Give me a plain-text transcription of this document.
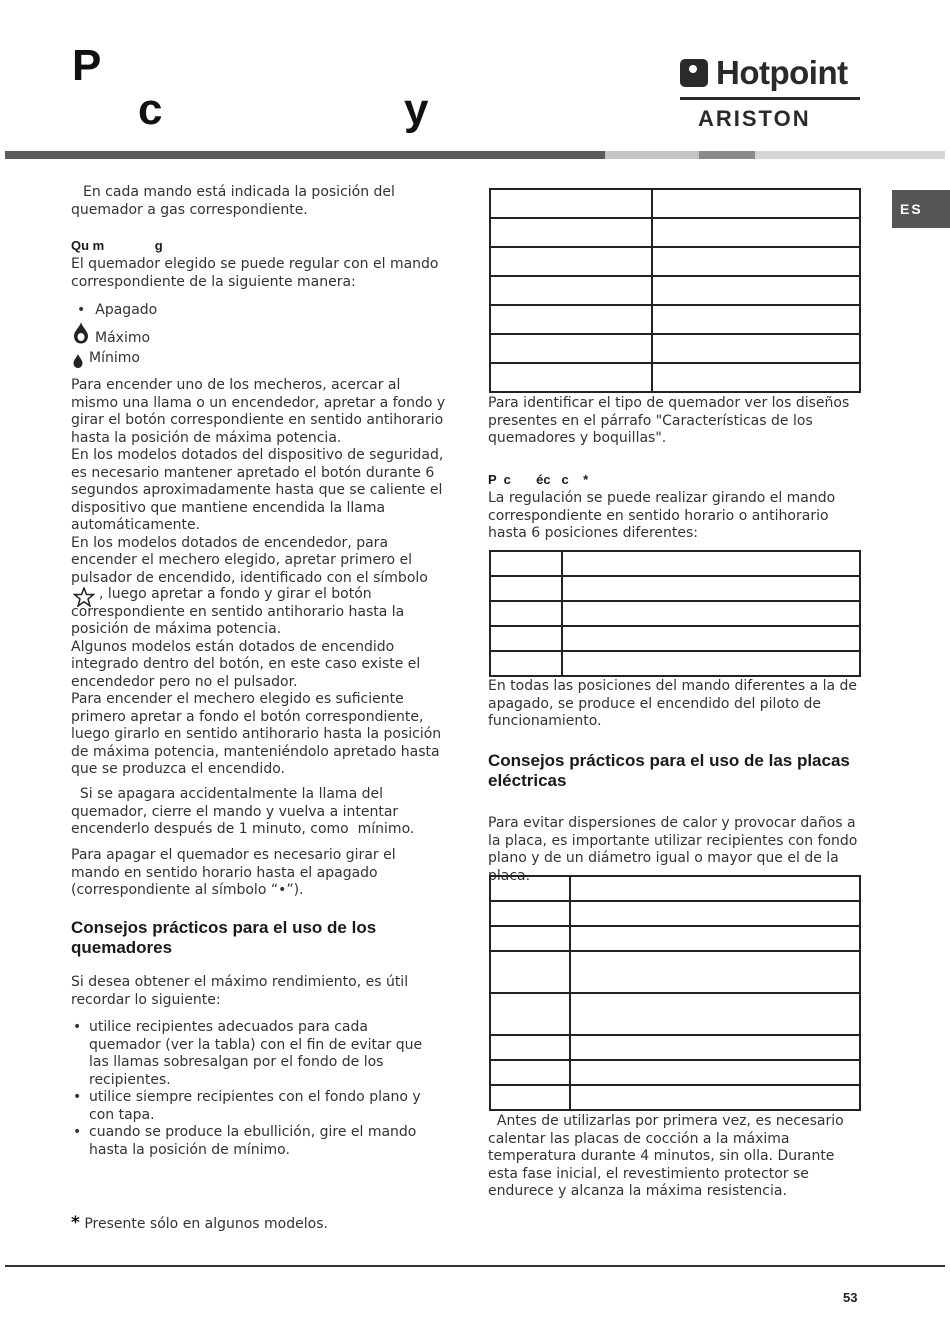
P
c	y
Hotpoint
ARISTON
ES
En cada mando está indicada la posición del quemador a gas correspondiente.
Qu m              g
El quemador elegido se puede regular con el mando correspondiente de la siguiente manera:
• Apagado
Máximo
Mínimo
Para encender uno de los mecheros, acercar al mismo una llama o un encendedor, apretar a fondo y girar el botón correspondiente en sentido antihorario hasta la posición de máxima potencia.
En los modelos dotados del dispositivo de seguridad, es necesario mantener apretado el botón durante 6 segundos aproximadamente hasta que se caliente el dispositivo que mantiene encendida la llama automáticamente.
En los modelos dotados de encendedor, para encender el mechero elegido, apretar primero el pulsador de encendido, identificado con el símbolo
, luego apretar a fondo y girar el botón correspondiente en sentido antihorario hasta la posición de máxima potencia.
Algunos modelos están dotados de encendido integrado dentro del botón, en este caso existe el encendedor pero no el pulsador.
Para encender el mechero elegido es suficiente primero apretar a fondo el botón correspondiente, luego girarlo en sentido antihorario hasta la posición de máxima potencia, manteniéndolo apretado hasta que se produzca el encendido.
Si se apagara accidentalmente la llama del quemador, cierre el mando y vuelva a intentar encenderlo después de 1 minuto, como  mínimo.
Para apagar el quemador es necesario girar el mando en sentido horario hasta el apagado (correspondiente al símbolo “•”).
Consejos prácticos para el uso de los quemadores
Si desea obtener el máximo rendimiento, es útil recordar lo siguiente:
• utilice recipientes adecuados para cada quemador (ver la tabla) con el fin de evitar que las llamas sobresalgan por el fondo de los recipientes.
• utilice siempre recipientes con el fondo plano y con tapa.
• cuando se produce la ebullición, gire el mando hasta la posición de mínimo.
* Presente sólo en algunos modelos.

Para identificar el tipo de quemador ver los diseños presentes en el párrafo "Características de los quemadores y boquillas".
P  c       éc   c    *
La regulación se puede realizar girando el mando correspondiente en sentido horario o antihorario hasta 6 posiciones diferentes:

En todas las posiciones del mando diferentes a la de apagado, se produce el encendido del piloto de funcionamiento.
Consejos prácticos para el uso de las placas eléctricas
Para evitar dispersiones de calor y provocar daños a la placa, es importante utilizar recipientes con fondo plano y de un diámetro igual o mayor que el de la placa.

Antes de utilizarlas por primera vez, es necesario calentar las placas de cocción a la máxima temperatura durante 4 minutos, sin olla. Durante esta fase inicial, el revestimiento protector se endurece y alcanza la máxima resistencia.
53
